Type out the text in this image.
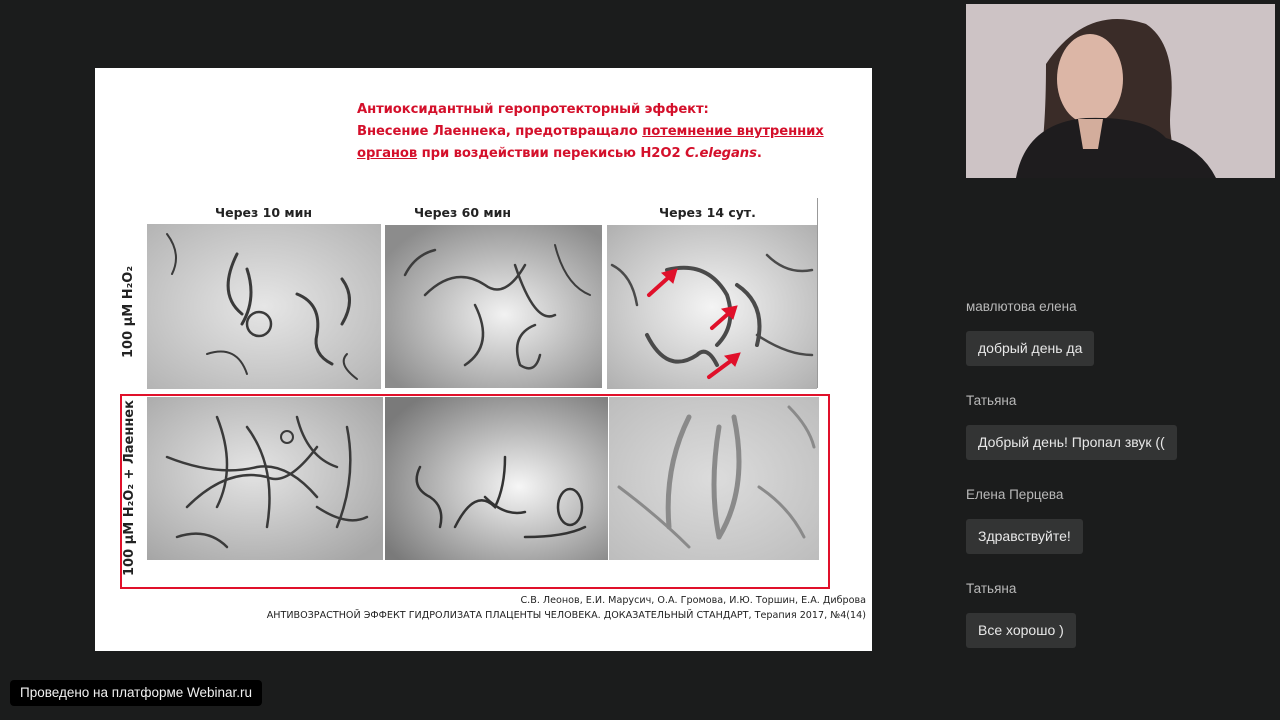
Антиоксидантный геропротекторный эффект:
Внесение Лаеннека, предотвращало потемнение внутренних
органов при воздействии перекисью Н2О2 C.elegans.
Через 10 мин	Через 60 мин	Через 14 сут.
100 µM H₂O₂
100 µM H₂O₂ + Лаеннек
С.В. Леонов, Е.И. Марусич, О.А. Громова, И.Ю. Торшин, Е.А. Диброва
АНТИВОЗРАСТНОЙ ЭФФЕКТ ГИДРОЛИЗАТА ПЛАЦЕНТЫ ЧЕЛОВЕКА. ДОКАЗАТЕЛЬНЫЙ СТАНДАРТ, Терапия 2017, №4(14)
мавлютова елена
добрый день да
Татьяна
Добрый день! Пропал звук ((
Елена Перцева
Здравствуйте!
Татьяна
Все хорошо )
Проведено на платформе Webinar.ru
